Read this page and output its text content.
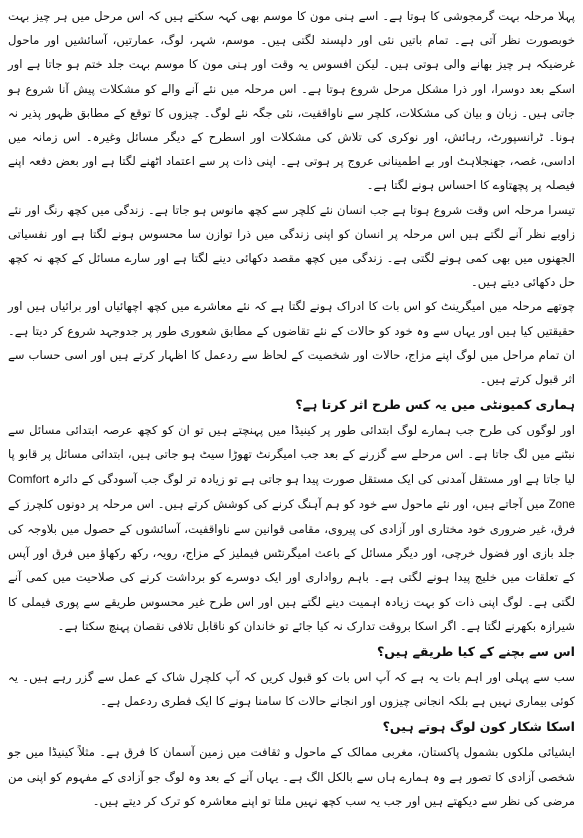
پہلا مرحلہ بہت گرمجوشی کا ہوتا ہے۔ اسے ہنی مون کا موسم بھی کہہ سکتے ہیں کہ اس مرحل میں ہر چیز بہت خوبصورت نظر آتی ہے۔ تمام باتیں نئی اور دلپسند لگتی ہیں۔ موسم، شہر، لوگ، عمارتیں، آسائشیں اور ماحول غرضیکہ ہر چیز بھانے والی ہوتی ہیں۔ لیکن افسوس یہ وقت اور ہنی مون کا موسم بہت جلد ختم ہو جاتا ہے اور اسکے بعد دوسرا، اور ذرا مشکل مرحل شروع ہوتا ہے۔ اس مرحلہ میں نئے آنے والے کو مشکلات پیش آنا شروع ہو جاتی ہیں۔ زبان و بیان کی مشکلات، کلچر سے ناواقفیت، نئی جگہ نئے لوگ۔ چیزوں کا توقع کے مطابق ظہور پذیر نہ ہونا۔ ٹرانسپورٹ، رہائش، اور نوکری کی تلاش کی مشکلات اور اسطرح کے دیگر مسائل وغیرہ۔ اس زمانہ میں اداسی، غصہ، جھنجلاہٹ اور بے اطمینانی عروج پر ہوتی ہے۔ اپنی ذات پر سے اعتماد اٹھنے لگتا ہے اور بعض دفعہ اپنے فیصلہ پر پچھتاوے کا احساس ہونے لگتا ہے۔

تیسرا مرحلہ اس وقت شروع ہوتا ہے جب انسان نئے کلچر سے کچھ مانوس ہو جاتا ہے۔ زندگی میں کچھ رنگ اور نئے زاویے نظر آنے لگتے ہیں اس مرحلہ پر انسان کو اپنی زندگی میں ذرا توازن سا محسوس ہونے لگتا ہے اور نفسیاتی الجھنوں میں بھی کمی ہونے لگتی ہے۔ زندگی میں کچھ مقصد دکھائی دینے لگتا ہے اور سارے مسائل کے کچھ نہ کچھ حل دکھائی دیتے ہیں۔

چوتھے مرحلہ میں امیگرینٹ کو اس بات کا ادراک ہونے لگتا ہے کہ نئے معاشرے میں کچھ اچھائیاں اور برائیاں ہیں اور حقیقتیں کیا ہیں اور یہاں سے وہ خود کو حالات کے نئے تقاضوں کے مطابق شعوری طور پر جدوجہد شروع کر دیتا ہے۔ ان تمام مراحل میں لوگ اپنے مزاج، حالات اور شخصیت کے لحاظ سے ردعمل کا اظہار کرتے ہیں اور اسی حساب سے اثر قبول کرتے ہیں۔

ہماری کمیونٹی میں یہ کس طرح اثر کرتا ہے؟

اور لوگوں کی طرح جب ہمارے لوگ ابتدائی طور پر کینیڈا میں پہنچتے ہیں تو ان کو کچھ عرصہ ابتدائی مسائل سے نبٹنے میں لگ جاتا ہے۔ اس مرحلے سے گزرنے کے بعد جب امیگرنٹ تھوڑا سیٹ ہو جاتی ہیں، ابتدائی مسائل پر قابو پا لیا جاتا ہے اور مستقل آمدنی کی ایک مستقل صورت پیدا ہو جاتی ہے تو زیادہ تر لوگ جب آسودگی کے دائرہ Comfort Zone میں آجاتے ہیں، اور نئے ماحول سے خود کو ہم آہنگ کرنے کی کوشش کرتے ہیں۔ اس مرحلہ پر دونوں کلچرز کے فرق، غیر ضروری خود مختاری اور آزادی کی پیروی، مقامی قوانین سے ناواقفیت، آسائشوں کے حصول میں بلاوجہ کی جلد بازی اور فضول خرچی، اور دیگر مسائل کے باعث امیگرنٹس فیملیز کے مزاج، رویہ، رکھ رکھاؤ میں فرق اور آپس کے تعلقات میں خلیج پیدا ہونے لگتی ہے۔ باہم رواداری اور ایک دوسرے کو برداشت کرنے کی صلاحیت میں کمی آنے لگتی ہے۔ لوگ اپنی ذات کو بہت زیادہ اہمیت دینے لگتے ہیں اور اس طرح غیر محسوس طریقے سے پوری فیملی کا شیرازہ بکھرنے لگتا ہے۔ اگر اسکا بروقت تدارک نہ کیا جائے تو خاندان کو ناقابل تلافی نقصان پہنچ سکتا ہے۔

اس سے بچنے کے کیا طریقے ہیں؟

سب سے پہلی اور اہم بات یہ ہے کہ آپ اس بات کو قبول کریں کہ آپ کلچرل شاک کے عمل سے گزر رہے ہیں۔ یہ کوئی بیماری نہیں ہے بلکہ انجانی چیزوں اور انجانے حالات کا سامنا ہونے کا ایک فطری ردعمل ہے۔

اسکا شکار کون لوگ ہوتے ہیں؟

ایشیائی ملکوں بشمول پاکستان، مغربی ممالک کے ماحول و ثقافت میں زمین آسمان کا فرق ہے۔ مثلاً کینیڈا میں جو شخصی آزادی کا تصور ہے وہ ہمارے ہاں سے بالکل الگ ہے۔ یہاں آنے کے بعد وہ لوگ جو آزادی کے مفہوم کو اپنی من مرضی کی نظر سے دیکھتے ہیں اور جب یہ سب کچھ نہیں ملتا تو اپنے معاشرہ کو ترک کر دیتے ہیں۔
